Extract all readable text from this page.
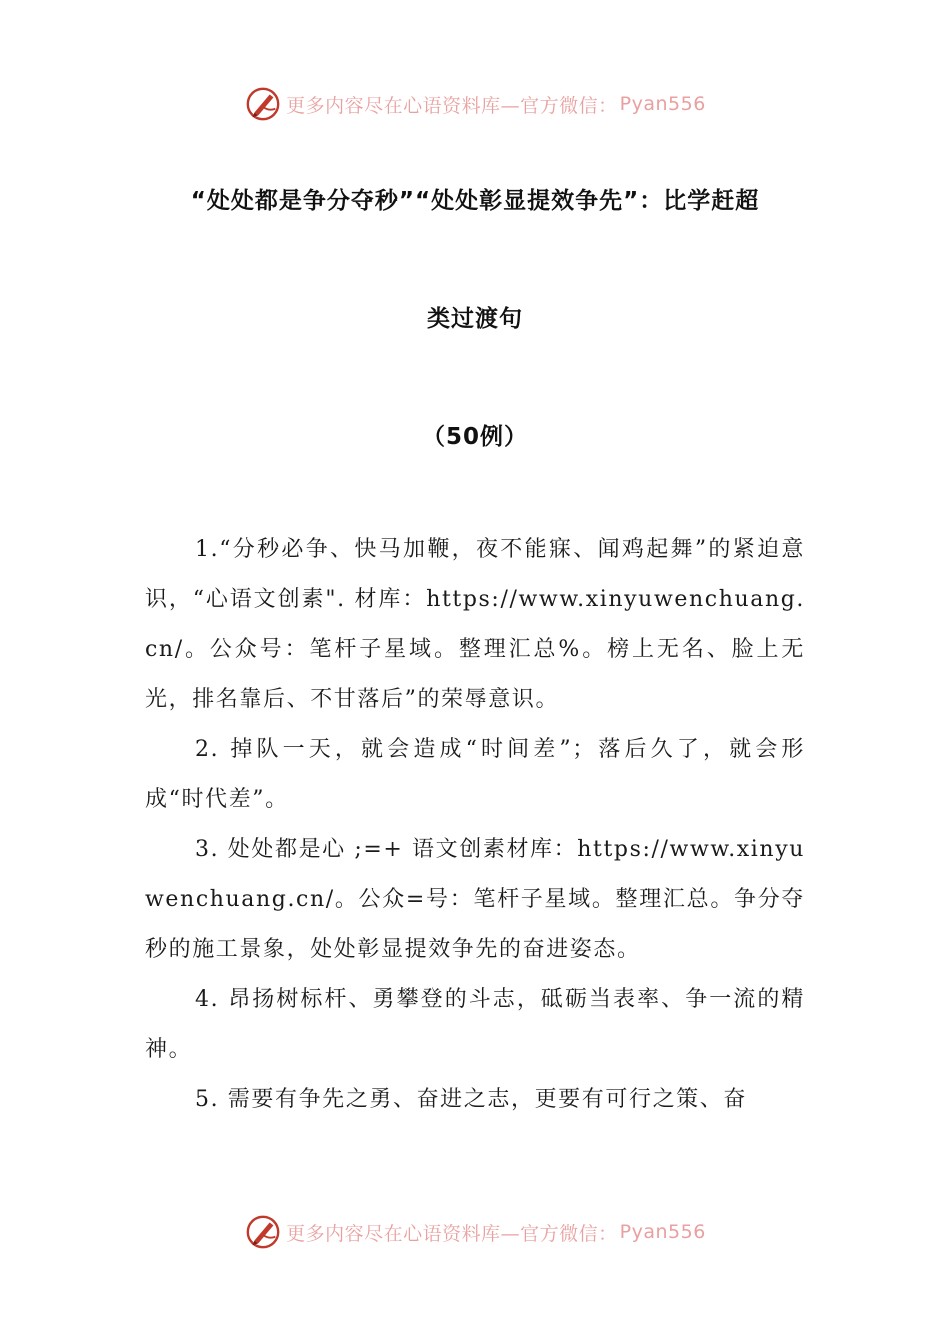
更多内容尽在心语资料库—官方微信： Pyan556
“处处都是争分夺秒”“处处彰显提效争先”：比学赶超
类过渡句
（50例）

1.“分秒必争、快马加鞭，夜不能寐、闻鸡起舞”的紧迫意识，“心语文创素". 材库：https://www.xinyuwenchuang.cn/。公众号：笔杆子星域。整理汇总%。榜上无名、脸上无光，排名靠后、不甘落后”的荣辱意识。

2. 掉队一天，就会造成“时间差”；落后久了，就会形成“时代差”。

3. 处处都是心 ;=+ 语文创素材库：https://www.xinyuwenchuang.cn/。公众=号：笔杆子星域。整理汇总。争分夺秒的施工景象，处处彰显提效争先的奋进姿态。

4. 昂扬树标杆、勇攀登的斗志，砥砺当表率、争一流的精神。

5. 需要有争先之勇、奋进之志，更要有可行之策、奋

更多内容尽在心语资料库—官方微信： Pyan556
